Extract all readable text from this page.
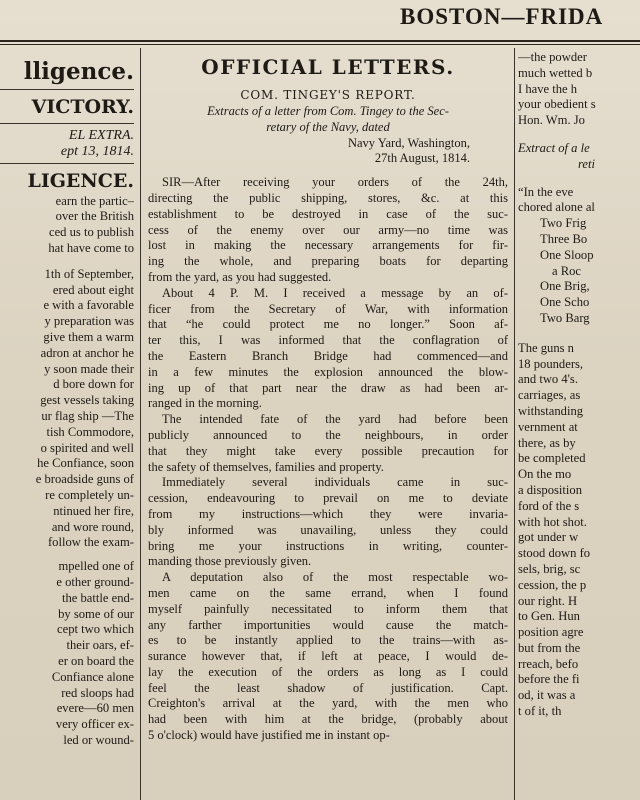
BOSTON—FRIDA
lligence.
VICTORY.
EL EXTRA.
ept 13, 1814.
LIGENCE.
earn the partic–
over the British
ced us to publish
hat have come to
1th of September,
ered about eight
e with a favorable
y preparation was
give them a warm
adron at anchor he
y soon made their
d bore down for
gest vessels taking
ur flag ship —The
tish Commodore,
o spirited and well
he Confiance, soon
e broadside guns of
re completely un-
ntinued her fire,
and wore round,
follow the exam-
mpelled one of
e other ground-
the battle end-
by some of our
cept two which
their oars, ef-
er on board the
Confiance alone
red sloops had
evere—60 men
very officer ex-
led or wound-
OFFICIAL LETTERS.
COM. TINGEY'S REPORT.
Extracts of a letter from Com. Tingey to the Sec-
retary of the Navy, dated
Navy Yard, Washington,
27th August, 1814.
SIR—After receiving your orders of the 24th,
directing the public shipping, stores, &c. at this
establishment to be destroyed in case of the suc-
cess of the enemy over our army—no time was
lost in making the necessary arrangements for fir-
ing the whole, and preparing boats for departing
from the yard, as you had suggested.
About 4 P. M. I received a message by an of-
ficer from the Secretary of War, with information
that “he could protect me no longer.” Soon af-
ter this, I was informed that the conflagration of
the Eastern Branch Bridge had commenced—and
in a few minutes the explosion announced the blow-
ing up of that part near the draw as had been ar-
ranged in the morning.
The intended fate of the yard had before been
publicly announced to the neighbours, in order
that they might take every possible precaution for
the safety of themselves, families and property.
Immediately several individuals came in suc-
cession, endeavouring to prevail on me to deviate
from my instructions—which they were invaria-
bly informed was unavailing, unless they could
bring me your instructions in writing, counter-
manding those previously given.
A deputation also of the most respectable wo-
men came on the same errand, when I found
myself painfully necessitated to inform them that
any farther importunities would cause the match-
es to be instantly applied to the trains—with as-
surance however that, if left at peace, I would de-
lay the execution of the orders as long as I could
feel the least shadow of justification. Capt.
Creighton's arrival at the yard, with the men who
had been with him at the bridge, (probably about
5 o'clock) would have justified me in instant op-
—the powder
much wetted b
I have the h
your obedient s
Hon. Wm. Jo
Extract of a le
reti
“In the eve
chored alone al
Two Frig
Three Bo
One Sloop
a Roc
One Brig,
One Scho
Two Barg
The guns n
18 pounders,
and two 4's.
carriages, as
withstanding
vernment at
there, as by
be completed
On the mo
a disposition
ford of the s
with hot shot.
got under w
stood down fo
sels, brig, sc
cession, the p
our right. H
to Gen. Hun
position agre
but from the
rreach, befo
before the fi
od, it was a
t of it, th
